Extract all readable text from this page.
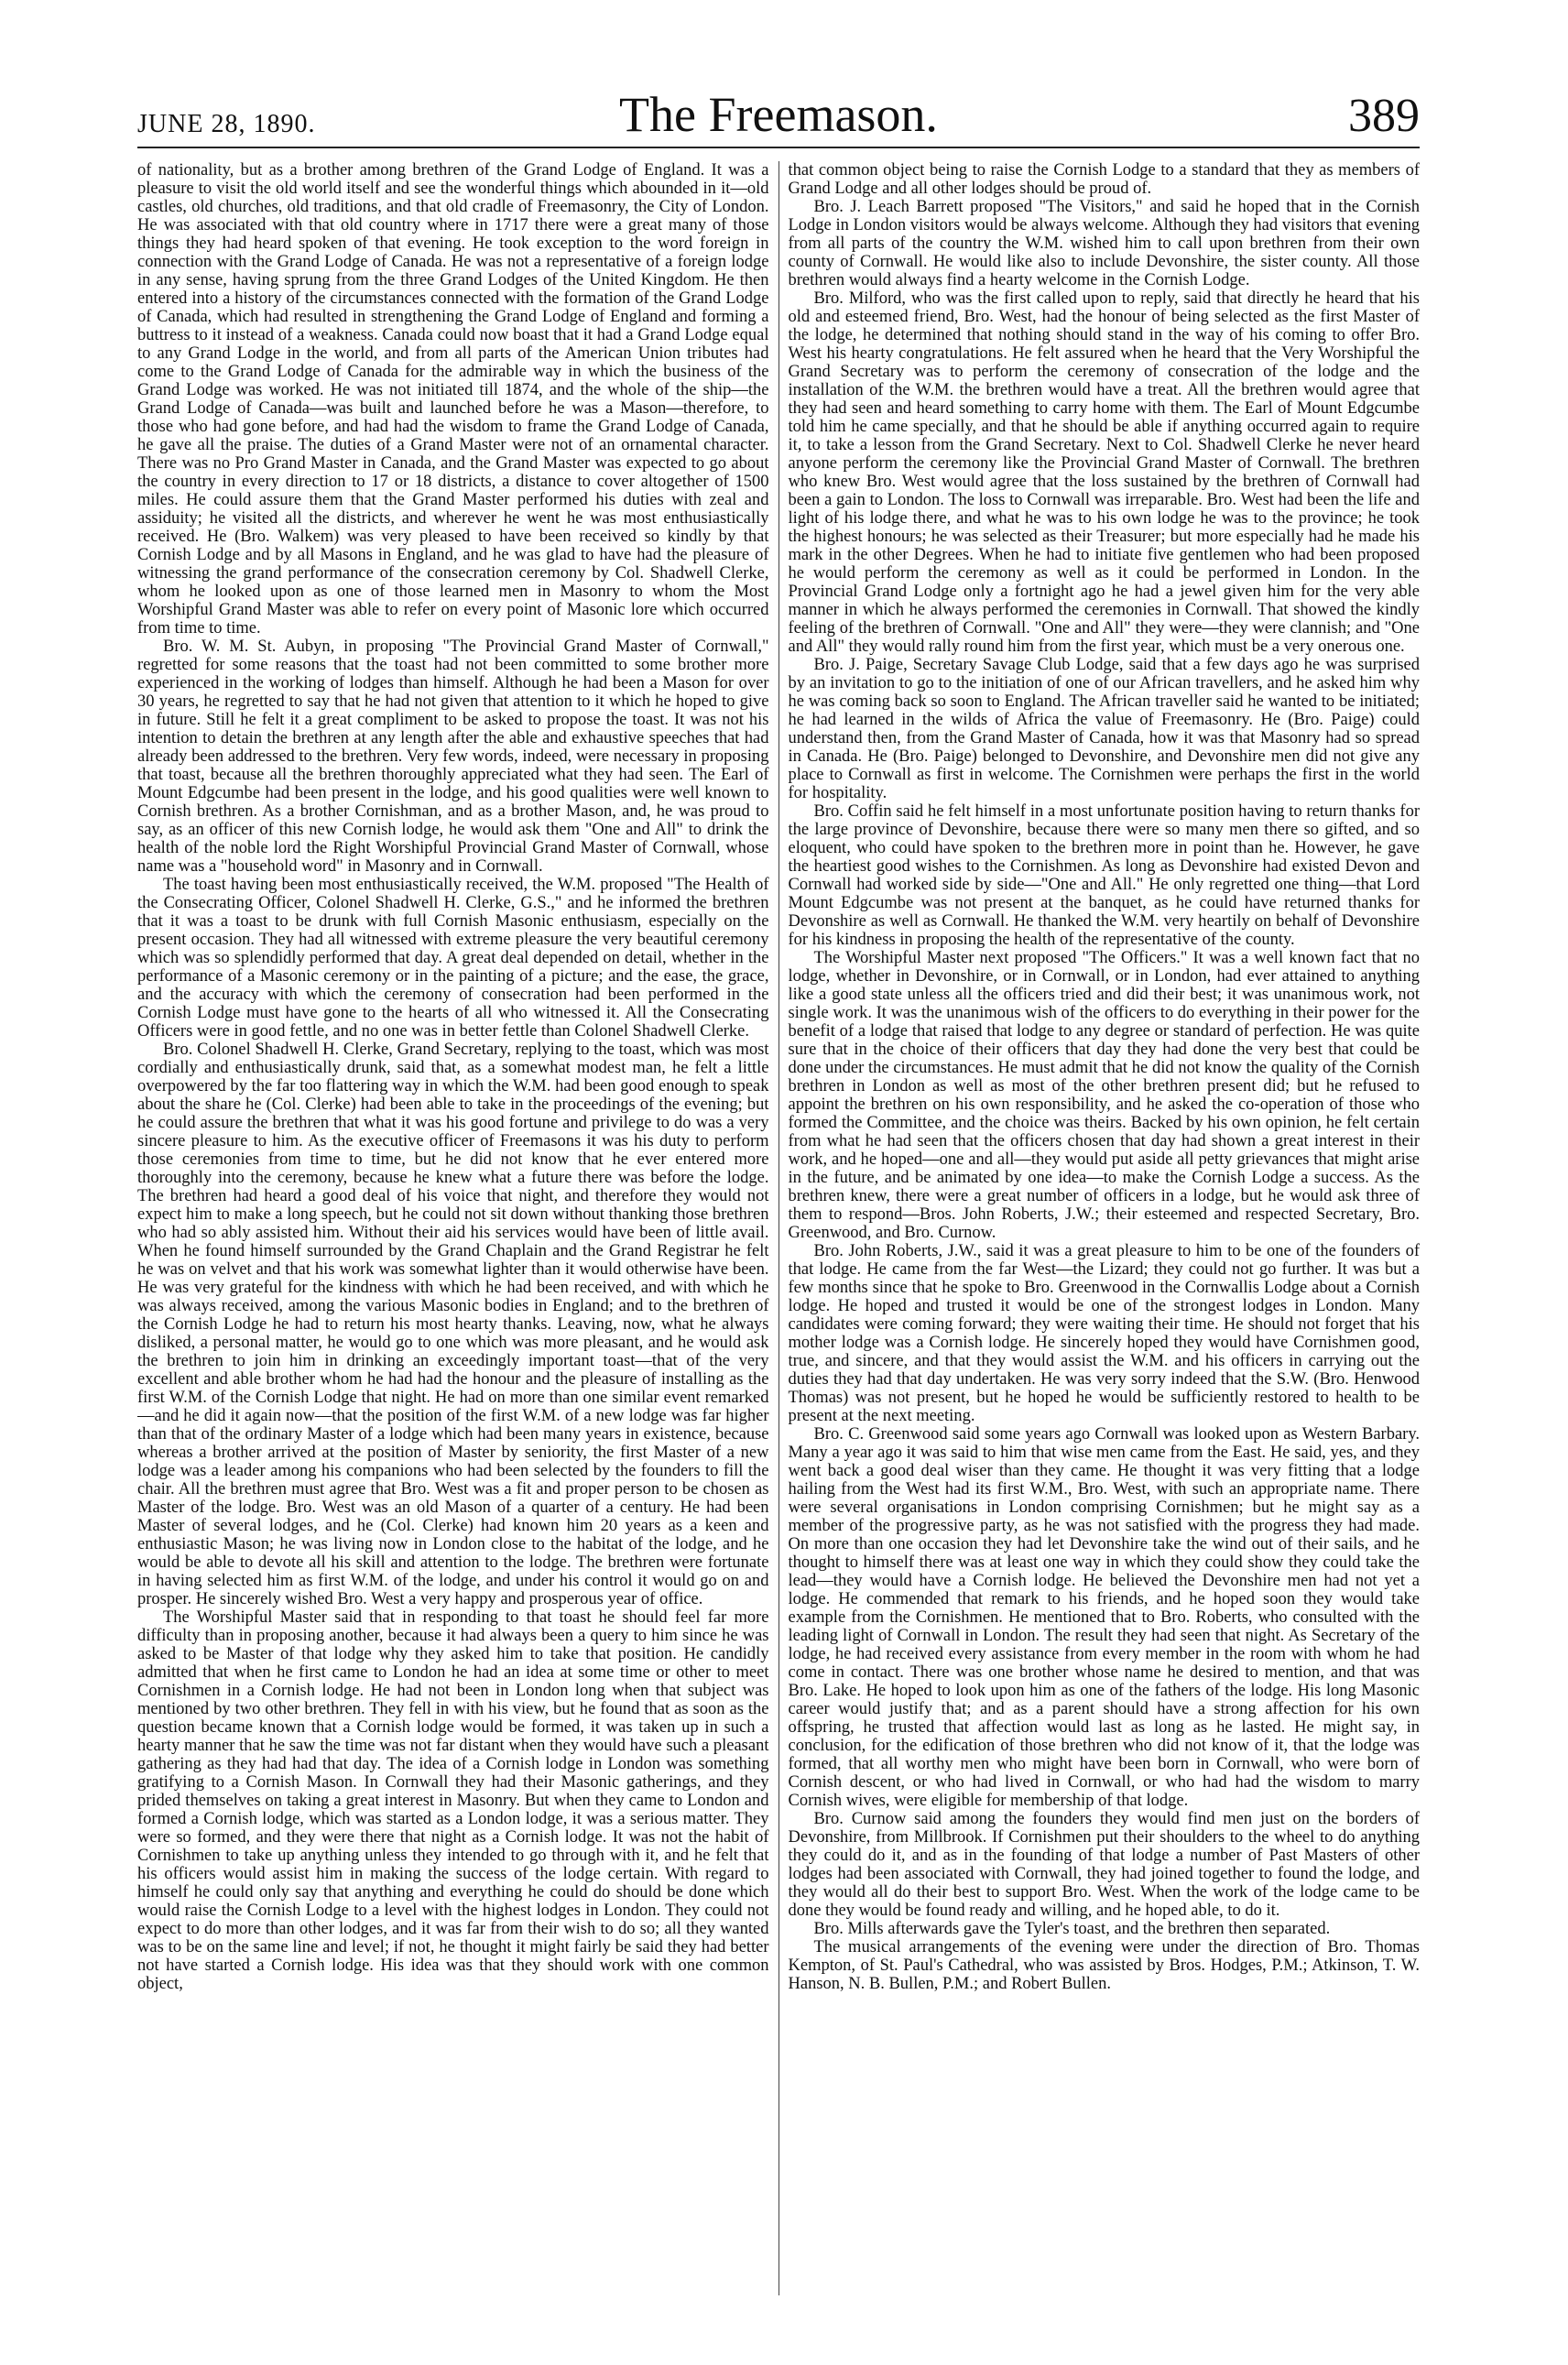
JUNE 28, 1890.	The Freemason.	389

of nationality, but as a brother among brethren of the Grand Lodge of England. It was a pleasure to visit the old world itself and see the wonderful things which abounded in it—old castles, old churches, old traditions, and that old cradle of Freemasonry, the City of London. He was associated with that old country where in 1717 there were a great many of those things they had heard spoken of that evening. He took exception to the word foreign in connection with the Grand Lodge of Canada. He was not a representative of a foreign lodge in any sense, having sprung from the three Grand Lodges of the United Kingdom. He then entered into a history of the circumstances connected with the formation of the Grand Lodge of Canada, which had resulted in strengthening the Grand Lodge of England and forming a buttress to it instead of a weakness. Canada could now boast that it had a Grand Lodge equal to any Grand Lodge in the world, and from all parts of the American Union tributes had come to the Grand Lodge of Canada for the admirable way in which the business of the Grand Lodge was worked. He was not initiated till 1874, and the whole of the ship—the Grand Lodge of Canada—was built and launched before he was a Mason—therefore, to those who had gone before, and had had the wisdom to frame the Grand Lodge of Canada, he gave all the praise. The duties of a Grand Master were not of an ornamental character. There was no Pro Grand Master in Canada, and the Grand Master was expected to go about the country in every direction to 17 or 18 districts, a distance to cover altogether of 1500 miles. He could assure them that the Grand Master performed his duties with zeal and assiduity; he visited all the districts, and wherever he went he was most enthusiastically received. He (Bro. Walkem) was very pleased to have been received so kindly by that Cornish Lodge and by all Masons in England, and he was glad to have had the pleasure of witnessing the grand performance of the consecration ceremony by Col. Shadwell Clerke, whom he looked upon as one of those learned men in Masonry to whom the Most Worshipful Grand Master was able to refer on every point of Masonic lore which occurred from time to time.

Bro. W. M. St. Aubyn, in proposing "The Provincial Grand Master of Cornwall," regretted for some reasons that the toast had not been committed to some brother more experienced in the working of lodges than himself. Although he had been a Mason for over 30 years, he regretted to say that he had not given that attention to it which he hoped to give in future. Still he felt it a great compliment to be asked to propose the toast. It was not his intention to detain the brethren at any length after the able and exhaustive speeches that had already been addressed to the brethren. Very few words, indeed, were necessary in proposing that toast, because all the brethren thoroughly appreciated what they had seen. The Earl of Mount Edgcumbe had been present in the lodge, and his good qualities were well known to Cornish brethren. As a brother Cornishman, and as a brother Mason, and, he was proud to say, as an officer of this new Cornish lodge, he would ask them "One and All" to drink the health of the noble lord the Right Worshipful Provincial Grand Master of Cornwall, whose name was a "household word" in Masonry and in Cornwall.

The toast having been most enthusiastically received, the W.M. proposed "The Health of the Consecrating Officer, Colonel Shadwell H. Clerke, G.S.," and he informed the brethren that it was a toast to be drunk with full Cornish Masonic enthusiasm, especially on the present occasion. They had all witnessed with extreme pleasure the very beautiful ceremony which was so splendidly performed that day. A great deal depended on detail, whether in the performance of a Masonic ceremony or in the painting of a picture; and the ease, the grace, and the accuracy with which the ceremony of consecration had been performed in the Cornish Lodge must have gone to the hearts of all who witnessed it. All the Consecrating Officers were in good fettle, and no one was in better fettle than Colonel Shadwell Clerke.

Bro. Colonel Shadwell H. Clerke, Grand Secretary, replying to the toast, which was most cordially and enthusiastically drunk, said that, as a somewhat modest man, he felt a little overpowered by the far too flattering way in which the W.M. had been good enough to speak about the share he (Col. Clerke) had been able to take in the proceedings of the evening; but he could assure the brethren that what it was his good fortune and privilege to do was a very sincere pleasure to him. As the executive officer of Freemasons it was his duty to perform those ceremonies from time to time, but he did not know that he ever entered more thoroughly into the ceremony, because he knew what a future there was before the lodge. The brethren had heard a good deal of his voice that night, and therefore they would not expect him to make a long speech, but he could not sit down without thanking those brethren who had so ably assisted him. Without their aid his services would have been of little avail. When he found himself surrounded by the Grand Chaplain and the Grand Registrar he felt he was on velvet and that his work was somewhat lighter than it would otherwise have been. He was very grateful for the kindness with which he had been received, and with which he was always received, among the various Masonic bodies in England; and to the brethren of the Cornish Lodge he had to return his most hearty thanks. Leaving, now, what he always disliked, a personal matter, he would go to one which was more pleasant, and he would ask the brethren to join him in drinking an exceedingly important toast—that of the very excellent and able brother whom he had had the honour and the pleasure of installing as the first W.M. of the Cornish Lodge that night. He had on more than one similar event remarked—and he did it again now—that the position of the first W.M. of a new lodge was far higher than that of the ordinary Master of a lodge which had been many years in existence, because whereas a brother arrived at the position of Master by seniority, the first Master of a new lodge was a leader among his companions who had been selected by the founders to fill the chair. All the brethren must agree that Bro. West was a fit and proper person to be chosen as Master of the lodge. Bro. West was an old Mason of a quarter of a century. He had been Master of several lodges, and he (Col. Clerke) had known him 20 years as a keen and enthusiastic Mason; he was living now in London close to the habitat of the lodge, and he would be able to devote all his skill and attention to the lodge. The brethren were fortunate in having selected him as first W.M. of the lodge, and under his control it would go on and prosper. He sincerely wished Bro. West a very happy and prosperous year of office.

The Worshipful Master said that in responding to that toast he should feel far more difficulty than in proposing another, because it had always been a query to him since he was asked to be Master of that lodge why they asked him to take that position. He candidly admitted that when he first came to London he had an idea at some time or other to meet Cornishmen in a Cornish lodge. He had not been in London long when that subject was mentioned by two other brethren. They fell in with his view, but he found that as soon as the question became known that a Cornish lodge would be formed, it was taken up in such a hearty manner that he saw the time was not far distant when they would have such a pleasant gathering as they had had that day. The idea of a Cornish lodge in London was something gratifying to a Cornish Mason. In Cornwall they had their Masonic gatherings, and they prided themselves on taking a great interest in Masonry. But when they came to London and formed a Cornish lodge, which was started as a London lodge, it was a serious matter. They were so formed, and they were there that night as a Cornish lodge. It was not the habit of Cornishmen to take up anything unless they intended to go through with it, and he felt that his officers would assist him in making the success of the lodge certain. With regard to himself he could only say that anything and everything he could do should be done which would raise the Cornish Lodge to a level with the highest lodges in London. They could not expect to do more than other lodges, and it was far from their wish to do so; all they wanted was to be on the same line and level; if not, he thought it might fairly be said they had better not have started a Cornish lodge. His idea was that they should work with one common object,

that common object being to raise the Cornish Lodge to a standard that they as members of Grand Lodge and all other lodges should be proud of.

Bro. J. Leach Barrett proposed "The Visitors," and said he hoped that in the Cornish Lodge in London visitors would be always welcome. Although they had visitors that evening from all parts of the country the W.M. wished him to call upon brethren from their own county of Cornwall. He would like also to include Devonshire, the sister county. All those brethren would always find a hearty welcome in the Cornish Lodge.

Bro. Milford, who was the first called upon to reply, said that directly he heard that his old and esteemed friend, Bro. West, had the honour of being selected as the first Master of the lodge, he determined that nothing should stand in the way of his coming to offer Bro. West his hearty congratulations. He felt assured when he heard that the Very Worshipful the Grand Secretary was to perform the ceremony of consecration of the lodge and the installation of the W.M. the brethren would have a treat. All the brethren would agree that they had seen and heard something to carry home with them. The Earl of Mount Edgcumbe told him he came specially, and that he should be able if anything occurred again to require it, to take a lesson from the Grand Secretary. Next to Col. Shadwell Clerke he never heard anyone perform the ceremony like the Provincial Grand Master of Cornwall. The brethren who knew Bro. West would agree that the loss sustained by the brethren of Cornwall had been a gain to London. The loss to Cornwall was irreparable. Bro. West had been the life and light of his lodge there, and what he was to his own lodge he was to the province; he took the highest honours; he was selected as their Treasurer; but more especially had he made his mark in the other Degrees. When he had to initiate five gentlemen who had been proposed he would perform the ceremony as well as it could be performed in London. In the Provincial Grand Lodge only a fortnight ago he had a jewel given him for the very able manner in which he always performed the ceremonies in Cornwall. That showed the kindly feeling of the brethren of Cornwall. "One and All" they were—they were clannish; and "One and All" they would rally round him from the first year, which must be a very onerous one.

Bro. J. Paige, Secretary Savage Club Lodge, said that a few days ago he was surprised by an invitation to go to the initiation of one of our African travellers, and he asked him why he was coming back so soon to England. The African traveller said he wanted to be initiated; he had learned in the wilds of Africa the value of Freemasonry. He (Bro. Paige) could understand then, from the Grand Master of Canada, how it was that Masonry had so spread in Canada. He (Bro. Paige) belonged to Devonshire, and Devonshire men did not give any place to Cornwall as first in welcome. The Cornishmen were perhaps the first in the world for hospitality.

Bro. Coffin said he felt himself in a most unfortunate position having to return thanks for the large province of Devonshire, because there were so many men there so gifted, and so eloquent, who could have spoken to the brethren more in point than he. However, he gave the heartiest good wishes to the Cornishmen. As long as Devonshire had existed Devon and Cornwall had worked side by side—"One and All." He only regretted one thing—that Lord Mount Edgcumbe was not present at the banquet, as he could have returned thanks for Devonshire as well as Cornwall. He thanked the W.M. very heartily on behalf of Devonshire for his kindness in proposing the health of the representative of the county.

The Worshipful Master next proposed "The Officers." It was a well known fact that no lodge, whether in Devonshire, or in Cornwall, or in London, had ever attained to anything like a good state unless all the officers tried and did their best; it was unanimous work, not single work. It was the unanimous wish of the officers to do everything in their power for the benefit of a lodge that raised that lodge to any degree or standard of perfection. He was quite sure that in the choice of their officers that day they had done the very best that could be done under the circumstances. He must admit that he did not know the quality of the Cornish brethren in London as well as most of the other brethren present did; but he refused to appoint the brethren on his own responsibility, and he asked the co-operation of those who formed the Committee, and the choice was theirs. Backed by his own opinion, he felt certain from what he had seen that the officers chosen that day had shown a great interest in their work, and he hoped—one and all—they would put aside all petty grievances that might arise in the future, and be animated by one idea—to make the Cornish Lodge a success. As the brethren knew, there were a great number of officers in a lodge, but he would ask three of them to respond—Bros. John Roberts, J.W.; their esteemed and respected Secretary, Bro. Greenwood, and Bro. Curnow.

Bro. John Roberts, J.W., said it was a great pleasure to him to be one of the founders of that lodge. He came from the far West—the Lizard; they could not go further. It was but a few months since that he spoke to Bro. Greenwood in the Cornwallis Lodge about a Cornish lodge. He hoped and trusted it would be one of the strongest lodges in London. Many candidates were coming forward; they were waiting their time. He should not forget that his mother lodge was a Cornish lodge. He sincerely hoped they would have Cornishmen good, true, and sincere, and that they would assist the W.M. and his officers in carrying out the duties they had that day undertaken. He was very sorry indeed that the S.W. (Bro. Henwood Thomas) was not present, but he hoped he would be sufficiently restored to health to be present at the next meeting.

Bro. C. Greenwood said some years ago Cornwall was looked upon as Western Barbary. Many a year ago it was said to him that wise men came from the East. He said, yes, and they went back a good deal wiser than they came. He thought it was very fitting that a lodge hailing from the West had its first W.M., Bro. West, with such an appropriate name. There were several organisations in London comprising Cornishmen; but he might say as a member of the progressive party, as he was not satisfied with the progress they had made. On more than one occasion they had let Devonshire take the wind out of their sails, and he thought to himself there was at least one way in which they could show they could take the lead—they would have a Cornish lodge. He believed the Devonshire men had not yet a lodge. He commended that remark to his friends, and he hoped soon they would take example from the Cornishmen. He mentioned that to Bro. Roberts, who consulted with the leading light of Cornwall in London. The result they had seen that night. As Secretary of the lodge, he had received every assistance from every member in the room with whom he had come in contact. There was one brother whose name he desired to mention, and that was Bro. Lake. He hoped to look upon him as one of the fathers of the lodge. His long Masonic career would justify that; and as a parent should have a strong affection for his own offspring, he trusted that affection would last as long as he lasted. He might say, in conclusion, for the edification of those brethren who did not know of it, that the lodge was formed, that all worthy men who might have been born in Cornwall, who were born of Cornish descent, or who had lived in Cornwall, or who had had the wisdom to marry Cornish wives, were eligible for membership of that lodge.

Bro. Curnow said among the founders they would find men just on the borders of Devonshire, from Millbrook. If Cornishmen put their shoulders to the wheel to do anything they could do it, and as in the founding of that lodge a number of Past Masters of other lodges had been associated with Cornwall, they had joined together to found the lodge, and they would all do their best to support Bro. West. When the work of the lodge came to be done they would be found ready and willing, and he hoped able, to do it.

Bro. Mills afterwards gave the Tyler's toast, and the brethren then separated.

The musical arrangements of the evening were under the direction of Bro. Thomas Kempton, of St. Paul's Cathedral, who was assisted by Bros. Hodges, P.M.; Atkinson, T. W. Hanson, N. B. Bullen, P.M.; and Robert Bullen.
